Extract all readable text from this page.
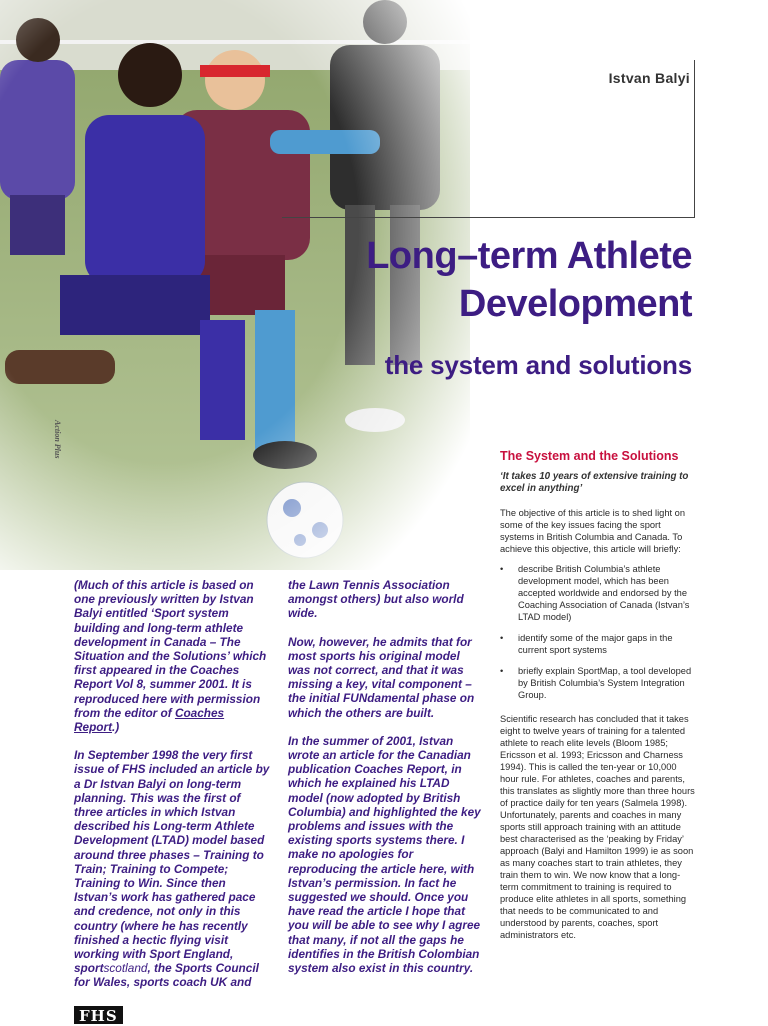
Action Plus
Istvan Balyi
Long–term Athlete
Development
the system and solutions
The System and the Solutions

‘It takes 10 years of extensive training to excel in anything’

The objective of this article is to shed light on some of the key issues facing the sport systems in British Columbia and Canada. To achieve this objective, this article will briefly:

• describe British Columbia’s athlete development model, which has been accepted worldwide and endorsed by the Coaching Association of Canada (Istvan’s LTAD model)
• identify some of the major gaps in the current sport systems
• briefly explain SportMap, a tool developed by British Columbia’s System Integration Group.

Scientific research has concluded that it takes eight to twelve years of training for a talented athlete to reach elite levels (Bloom 1985; Ericsson et al. 1993; Ericsson and Charness 1994). This is called the ten-year or 10,000 hour rule. For athletes, coaches and parents, this translates as slightly more than three hours of practice daily for ten years (Salmela 1998). Unfortunately, parents and coaches in many sports still approach training with an attitude best characterised as the ‘peaking by Friday’ approach (Balyi and Hamilton 1999) ie as soon as many coaches start to train athletes, they train them to win. We now know that a long-term commitment to training is required to produce elite athletes in all sports, something that needs to be communicated to and understood by parents, coaches, sport administrators etc.

(Much of this article is based on one previously written by Istvan Balyi entitled ‘Sport system building and long-term athlete development in Canada – The Situation and the Solutions’ which first appeared in the Coaches Report Vol 8, summer 2001. It is reproduced here with permission from the editor of Coaches Report.)

In September 1998 the very first issue of FHS included an article by a Dr Istvan Balyi on long-term planning. This was the first of three articles in which Istvan described his Long-term Athlete Development (LTAD) model based around three phases – Training to Train; Training to Compete; Training to Win. Since then Istvan’s work has gathered pace and credence, not only in this country (where he has recently finished a hectic flying visit working with Sport England, sportscotland, the Sports Council for Wales, sports coach UK and

the Lawn Tennis Association amongst others) but also world wide.

Now, however, he admits that for most sports his original model was not correct, and that it was missing a key, vital component – the initial FUNdamental phase on which the others are built.

In the summer of 2001, Istvan wrote an article for the Canadian publication Coaches Report, in which he explained his LTAD model (now adopted by British Columbia) and highlighted the key problems and issues with the existing sports systems there. I make no apologies for reproducing the article here, with Istvan’s permission. In fact he suggested we should. Once you have read the article I hope that you will be able to see why I agree that many, if not all the gaps he identifies in the British Colombian system also exist in this country.

FHS
